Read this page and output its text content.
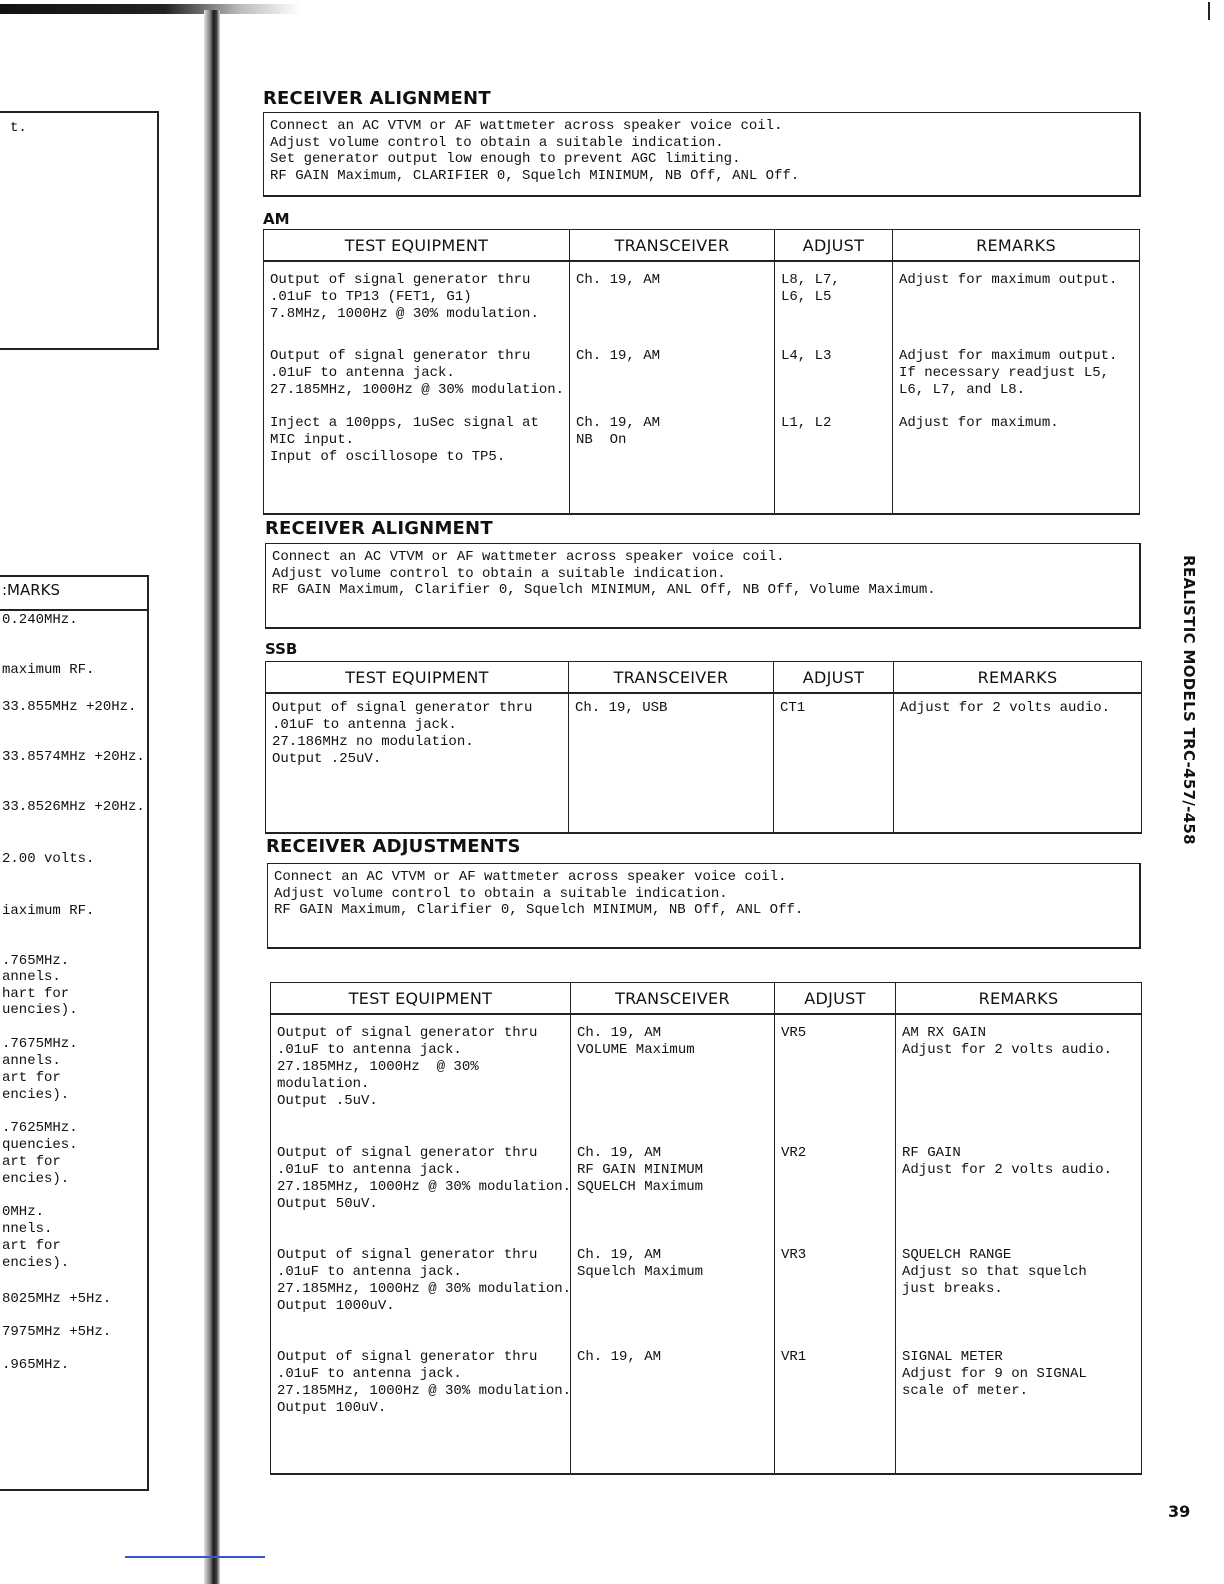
t.
:MARKS
0.240MHz.
maximum RF.
33.855MHz +20Hz.
33.8574MHz +20Hz.
33.8526MHz +20Hz.
2.00 volts.
iaximum RF.
.765MHz.
annels.
hart for
uencies).
.7675MHz.
annels.
art for
encies).
.7625MHz.
quencies.
art for
encies).
0MHz.
nnels.
art for
encies).
8025MHz +5Hz.
7975MHz +5Hz.
.965MHz.
RECEIVER ALIGNMENT
Connect an AC VTVM or AF wattmeter across speaker voice coil.
Adjust volume control to obtain a suitable indication.
Set generator output low enough to prevent AGC limiting.
RF GAIN Maximum, CLARIFIER 0, Squelch MINIMUM, NB Off, ANL Off.
AM
TEST EQUIPMENT	TRANSCEIVER	ADJUST	REMARKS

Output of signal generator thru
.01uF to TP13 (FET1, G1)
7.8MHz, 1000Hz @ 30% modulation.	Ch. 19, AM	L8, L7,
L6, L5	Adjust for maximum output.

Output of signal generator thru
.01uF to antenna jack.
27.185MHz, 1000Hz @ 30% modulation.	Ch. 19, AM	L4, L3	Adjust for maximum output.
If necessary readjust L5,
L6, L7, and L8.

Inject a 100pps, 1uSec signal at
MIC input.
Input of oscillosope to TP5.	Ch. 19, AM
NB  On	L1, L2	Adjust for maximum.
RECEIVER ALIGNMENT
Connect an AC VTVM or AF wattmeter across speaker voice coil.
Adjust volume control to obtain a suitable indication.
RF GAIN Maximum, Clarifier 0, Squelch MINIMUM, ANL Off, NB Off, Volume Maximum.
SSB
TEST EQUIPMENT	TRANSCEIVER	ADJUST	REMARKS

Output of signal generator thru
.01uF to antenna jack.
27.186MHz no modulation.
Output .25uV.	Ch. 19, USB	CT1	Adjust for 2 volts audio.
RECEIVER ADJUSTMENTS
Connect an AC VTVM or AF wattmeter across speaker voice coil.
Adjust volume control to obtain a suitable indication.
RF GAIN Maximum, Clarifier 0, Squelch MINIMUM, NB Off, ANL Off.
TEST EQUIPMENT	TRANSCEIVER	ADJUST	REMARKS

Output of signal generator thru
.01uF to antenna jack.
27.185MHz, 1000Hz  @ 30%
modulation.
Output .5uV.	Ch. 19, AM
VOLUME Maximum	VR5	AM RX GAIN
Adjust for 2 volts audio.

Output of signal generator thru
.01uF to antenna jack.
27.185MHz, 1000Hz @ 30% modulation.
Output 50uV.	Ch. 19, AM
RF GAIN MINIMUM
SQUELCH Maximum	VR2	RF GAIN
Adjust for 2 volts audio.

Output of signal generator thru
.01uF to antenna jack.
27.185MHz, 1000Hz @ 30% modulation.
Output 1000uV.	Ch. 19, AM
Squelch Maximum	VR3	SQUELCH RANGE
Adjust so that squelch
just breaks.

Output of signal generator thru
.01uF to antenna jack.
27.185MHz, 1000Hz @ 30% modulation.
Output 100uV.	Ch. 19, AM	VR1	SIGNAL METER
Adjust for 9 on SIGNAL
scale of meter.
REALISTIC MODELS TRC-457/-458
39
